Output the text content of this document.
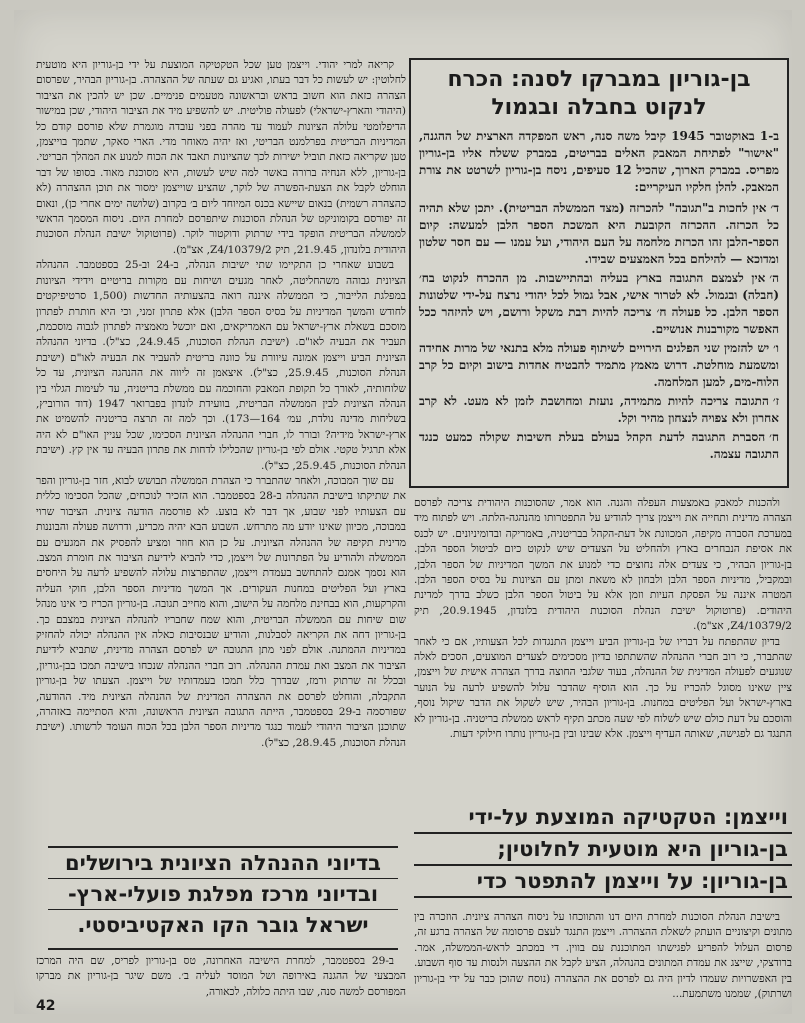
בן-גוריון במברקו לסנה: הכרח לנקוט בחבלה ובגמול

ב-1 באוקטובר 1945 קיבל משה סנה, ראש המפקדה הארצית של ההגנה, "אישור" לפתיחת המאבק האלים בבריטים, במברק ששלח אליו בן-גוריון מפריס. במברק הארוך, שהכיל 12 סעיפים, ניסח בן-גוריון לשרטט את צורת המאבק. להלן חלקיו העיקריים:

ד׳אין לחכות ב"תגובה" להכרזה (מצד הממשלה הבריטית). יתכן שלא תהיה כל הכרזה. ההכרזה הקובעת היא המשכת הספר הלבן למעשה: קיום הספר-הלבן זהו הכרזת מלחמה על העם היהודי, ועל עמנו — עם חסר שלטון ומדוכא — להילחם בכל האמצעים שבידו.
ה׳אין לצמצם התגובה בארץ בעליה ובהתיישבות. מן ההכרח לנקוט בח׳ (חבלה) ובגמול. לא לטרור אישי, אבל גמול לכל יהודי נרצח על-ידי שלטונות הספר הלבן. כל פעולה ח׳ צריכה להיות רבת משקל ורושם, ויש להיזהר ככל האפשר מקורבנות אנושיים.
ו׳יש להזמין שני הפלגים הירויים לשיתוף פעולה מלא בתנאי של מרות אחידה ומשמעת מוחלטת. דרוש מאמץ מתמיד להבטיח אחדות בישוב וקיום כל קרב הלוח-מים, למען המלחמה.
ז׳התגובה צריכה להיות מתמידה, נועזת ומחושבת לזמן לא מעט. לא קרב אחרון ולא צפויה לנצחון מהיר וקל.
ח׳הסברת התגובה לדעת הקהל בעולם בעלת חשיבות שקולה כמעט כנגד התגובה עצמה.

קריאה למרי יהודי. וייצמן טען שכל הטקטיקה המוצעת על ידי בן-גוריון היא מוטעית לחלוטין: יש לעשות כל דבר בעתו, ואגיע גם שעתה של ההצהרה. בן-גוריון הבהיר, שפרסום הצהרה כזאת הוא חשוב בראש ובראשונה מטעמים פנימיים. שכן יש להכין את הציבור (היהודי והארץ-ישראלי) לפעולה פוליטית. יש להשפיע מיד את הציבור היהודי, שכן במישור הדיפלומטי עלולה הציונות לעמוד עד מהרה בפני עובדה מוגמרת שלא פורסם קודם כל המדיניות הבריטית בפרלמנט הבריטי, ואז יהיה מאוחר מדי. הארי סאקר, שתמך בוייצמן, טען שקריאה כזאת תוביל ישירות לכך שהציונות תאבד את הכוח למנוע את המהלך הבריטי. בן-גוריון, ללא הנחיה ברורה באשר למה שיש לעשות, היא מסוכנת מאוד. בסופו של דבר הוחלט לקבל את הצעת-הפשרה של לוקר, שהציע שוייצמן ימסור את תוכן ההצהרה (לא כהצהרה רשמית) בנאום שיישא בכנס המיוחד ליום ב׳ בקרוב (שלושה ימים אחרי כן), ונאום זה יפורסם בקומוניקט של הנהלת הסוכנות שיתפרסם למחרת היום. ניסוח המסמך הראשי לממשלה הבריטית הופקד בידי שרתוק ודוקטור לוקר. (פרוטוקול ישיבת הנהלת הסוכנות היהודית בלונדון, 21.9.45, תיק Z4/10379/2, אצ"מ).

בשבוע שאחרי כן התקיימו שתי ישיבות הנהלה, ב-24 וב-25 בספטמבר. ההנהלה הציונית גבוהה משהחליטה, לאחר מגעים ושיחות עם מקורות בריטיים וידידי הציונות במפלגת הלייבור, כי הממשלה איננה רואה בהצעותיה החדשות (1,500 סרטיפיקטים לחודש והמשך המדיניות על בסיס הספר הלבן) אלא פתרון זמני, וכי היא חותרת לפתרון מוסכם בשאלת ארץ-ישראל עם האמריקאים, ואם יוכשל מאמציה לפתרון לגבוה מוסכמת, תעביר את הבעיה לאו"ם. (ישיבת הנהלת הסוכנות, 24.9.45, כצ"ל). בדיוני ההנהלה הציונית הביע וייצמן אמונה עיוורת על כוונה בריטית להעביר את הבעיה לאו"ם (ישיבת הנהלת הסוכנות, 25.9.45, כצ"ל). איצאמן זה ליווה את ההנהגה הציונית, עד כל שלוחותיה, לאורך כל תקופת המאבק והחוכמה עם ממשלת בריטניה, עד לעימות הגלוי בין הנהלה הציונית לבין הממשלה הבריטית, בוועידת לונדון בפברואר 1947 (דוד הורוביץ, בשליחות מדינה נולדת, עמ׳ 164—173). וכך למה זה תרצה בריטניה להשמיט את ארץ-ישראל מידיה? ובורר לו, חברי ההנהלה הציונית הסכימו, שכל עניין האו"ם לא היה אלא תרגיל טקטי. אולם לפי בן-גוריון שהכלילו לדחות את פתרון הבעיה עד אין קץ. (ישיבת הנהלת הסוכנות, 25.9.45, כצ"ל).

עם שוך המבוכה, ולאחר שהתברר כי הצהרת הממשלה תבושש לבוא, חזר בן-גוריון והפר את שתיקתו בישיבת ההנהלה ב-28 בספטמבר. הוא הזכיר לנוכחים, שהכל הסכימו כללית עם הצעותיו לפני שבוע, אך דבר לא בוצע. לא פורסמה הודעה ציונית. הציבור שרוי במבוכה, מכיוון שאינו יודע מה מתרחש. השבוע הבא יהיה מכריע, ודרושה פעולה והבוננות מדינית תקיפה של ההנהלה הציונית. על כן הוא חוזר ומציע להפסיק את המגעים עם הממשלה ולהודיע על הפתרונות של וייצמן, כדי להביא לידיעת הציבור את חומרת המצב. הוא נסמך אמנם להתחשב בעמדת וייצמן, שהתפרצות עלולה להשפיע לרעה על היחסים בארץ ועל הפליטים במחנות העקורים. אך המשך מדיניות הספר הלבן, חוקי העליה והקרקעות, הוא בבחינת מלחמה על הישוב, והוא מחייב תגובה. בן-גוריון הכריז כי אינו מנהל שום שיחות עם הממשלה הבריטית, והוא שמח שחבריו להנהלה הציונית במצבם כך. בן-גוריון דחה את הקריאה לסבלנות, והודיע שבנסיבות כאלה אין ההנהלה יכולה להחזיק במדיניות ההמתנה. אולם לפני מתן התגובה יש לפרסם הצהרה מדינית, שתביא לידיעת הציבור את המצב ואת עמדת ההנהלה. רוב חברי ההנהלה שנכחו בישיבה תמכו בבן-גוריון, ובכלל זה שרתוק ורמז, שבדרך כלל תמכו בעמדותיו של וייצמן. הצעתו של בן-גוריון התקבלה, והוחלט לפרסם את ההצהרה המדינית של ההנהלה הציונית מיד. ההודעה, שפורסמה ב-29 בספטמבר, הייתה התגובה הציונית הראשונה, והיא הסתיימה באזהרה, שתוכנן הציבור היהודי לעמוד כנגד מדיניות הספר הלבן בכל הכוח העומד לרשותו. (ישיבת הנהלת הסוכנות, 28.9.45, כצ"ל).

ולהכנות למאבק באמצעות העפלה והגנה. הוא אמר, שהסוכנות היהודית צריכה לפרסם הצהרה מדינית ותחייה את וייצמן צריך להודיע על התפטרותו מהנהגה-הלתה. ויש לפתוח מיד במערכת הסברה מקיפה, המכוונת אל דעת-הקהל בבריטניה, באמריקה ובדומיניונים. יש לכנס את אסיפת הנבחרים בארץ ולהחליט על הצעדים שיש לנקוט כיום לביטול הספר הלבן. בן-גוריון הבהיר, כי צעדים אלה נחוצים כדי למנוע את המשך המדיניות של הספר הלבן, ובמקביל, מדיניות הספר הלבן ולבחון לא משאת ומתן עם הציונות על בסיס הספר הלבן. המטרה איננה על הפסקת העיות וזמן אלא על ביטול הספר הלבן כשלב בדרך למדינת היהודים. (פרוטוקול ישיבת הנהלת הסוכנות היהודית בלונדון, 20.9.1945, תיק Z4/10379/2, אצ"מ).

בדיון שהתפתח על דבריו של בן-גוריון הביע וייצמן התנגדות לכל הצעותיו, אם כי לאחר שהתברר, כי רוב חברי ההנהלה שהשתתפו בדיון מסכימים לצעדים המוצעים, הסכים לאלה שנוגעים לפעולה המדינית של ההנהלה, בעוד שלגבי החוצה בדרך הצהרה אישית של וייצמן, ציין שאינו מסוגל להכריז על כך. הוא הוסיף שהדבר עלול להשפיע לרעה על הנוער בארץ-ישראל ועל הפליטים במחנות. בן-גוריון הבהיר, שיש לשקול את הדבר שיקול נוסף, והוסכם על דעת כולם שיש לשלוח לפי שעה מכתב תקיף לראש ממשלת בריטניה. בן-גוריון לא התנגד גם לפגישה, שאותה העדיף וייצמן. אלא שבינו ובין בן-גוריון נותרו חילוקי דעות.

וייצמן: הטקטיקה המוצעת על-ידי
בן-גוריון היא מוטעית לחלוטין;
בן-גוריון: על וייצמן להתפטר כדי

בישיבת הנהלת הסוכנות למחרת היום דנו והתווכחו על ניסוח הצהרה ציונית. הוזכרה בין מתונים וקיצוניים הועתק לשאלת ההצהרה. וייצמן התנגד לעצם פרסומה של הצהרה ברגע זה, פרסום העלול להפריע לפגישתו המתוכננת עם בווין. די במכתב לראש-הממשלה, אמר. ברודצקי, שייצג את עמדת המתונים בהנהלה, הציע לקבל את ההצעה ולנסות עד סוף השבוע. בין האפשרויות שעמדו לדיון היה גם לפרסם את ההצהרה (נוסח שהוכן כבר על ידי בן-גוריון ושרתוק), שממנו משתמעת...

בדיוני ההנהלה הציונית בירושלים
ובדיוני מרכז מפלגת פועלי-ארץ-
ישראל גובר הקו האקטיביסטי.

ב-29 בספטמבר, למחרת הישיבה האחרונה, טס בן-גוריון לפריס, שם היה המרכז המבצעי של ההגנה באירופה ושל המוסד לעליה ב׳. משם שיגר בן-גוריון את מברקו המפורסם למשה סנה, שבו היתה כלולה, לכאורה,

42
